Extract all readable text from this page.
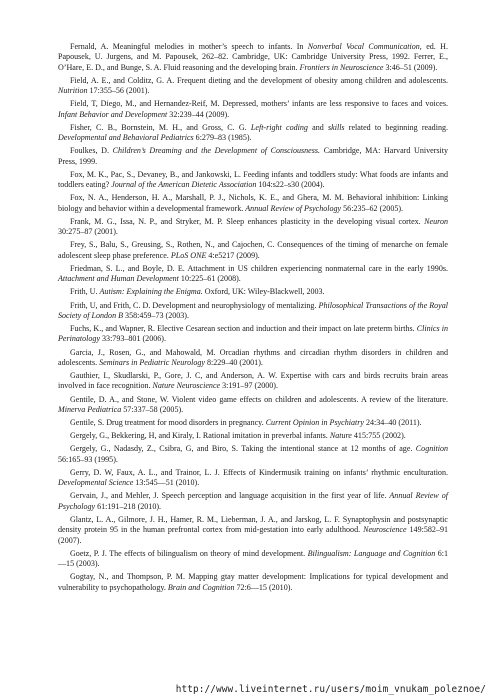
Fernald, A. Meaningful melodies in mother’s speech to infants. In Nonverbal Vocal Communication, ed. H. Papousek, U. Jurgens, and M. Papousek, 262–82. Cambridge, UK: Cambridge University Press, 1992. Ferrer, E., O’Hare, E. D., and Bunge, S. A. Fluid reasoning and the developing brain. Frontiers in Neuroscience 3:46–51 (2009).

Field, A. E., and Colditz, G. A. Frequent dieting and the development of obesity among children and adolescents. Nutrition 17:355–56 (2001).

Field, T, Diego, M., and Hernandez-Reif, M. Depressed, mothers’ infants are less responsive to faces and voices. Infant Behavior and Development 32:239–44 (2009).

Fisher, C. B., Bornstein, M. H., and Gross, C. G. Left-right coding and skills related to beginning reading. Developmental and Behavioral Pediatrics 6:279–83 (1985).

Foulkes, D. Children’s Dreaming and the Development of Consciousness. Cambridge, MA: Harvard University Press, 1999.

Fox, M. K., Pac, S., Devaney, B., and Jankowski, L. Feeding infants and toddlers study: What foods are infants and toddlers eating? Journal of the American Dietetic Association 104:s22–s30 (2004).

Fox, N. A., Henderson, H. A., Marshall, P. J., Nichols, K. E., and Ghera, M. M. Behavioral inhibition: Linking biology and behavior within a developmental framework. Annual Review of Psychology 56:235–62 (2005).

Frank, M. G., Issa, N. P., and Stryker, M. P. Sleep enhances plasticity in the developing visual cortex. Neuron 30:275–87 (2001).

Frey, S., Balu, S., Greusing, S., Rothen, N., and Cajochen, C. Consequences of the timing of menarche on female adolescent sleep phase preference. PLoS ONE 4:e5217 (2009).

Friedman, S. L., and Boyle, D. E. Attachment in US children experiencing nonmaternal care in the early 1990s. Attachment and Human Development 10:225–61 (2008).

Frith, U. Autism: Explaining the Enigma. Oxford, UK: Wiley-Blackwell, 2003.

Frith, U, and Frith, C. D. Development and neurophysiology of mentalizing. Philosophical Transactions of the Royal Society of London B 358:459–73 (2003).

Fuchs, K., and Wapner, R. Elective Cesarean section and induction and their impact on late preterm births. Clinics in Perinatology 33:793–801 (2006).

Garcia, J., Rosen, G., and Mahowald, M. Orcadian rhythms and circadian rhythm disorders in children and adolescents. Seminars in Pediatric Neurology 8:229–40 (2001).

Gauthier, I., Skudlarski, P., Gore, J. C, and Anderson, A. W. Expertise with cars and birds recruits brain areas involved in face recognition. Nature Neuroscience 3:191–97 (2000).

Gentile, D. A., and Stone, W. Violent video game effects on children and adolescents. A review of the literature. Minerva Pediatrica 57:337–58 (2005).

Gentile, S. Drug treatment for mood disorders in pregnancy. Current Opinion in Psychiatry 24:34–40 (2011).

Gergely, G., Bekkering, H, and Kiraly, I. Rational imitation in preverbal infants. Nature 415:755 (2002).

Gergely, G., Nadasdy, Z., Csibra, G, and Biro, S. Taking the intentional stance at 12 months of age. Cognition 56:165–93 (1995).

Gerry, D. W, Faux, A. L., and Trainor, L. J. Effects of Kindermusik training on infants’ rhythmic enculturation. Developmental Science 13:545—51 (2010).

Gervain, J., and Mehler, J. Speech perception and language acquisition in the first year of life. Annual Review of Psychology 61:191–218 (2010).

Glantz, L. A., Gilmore, J. H., Hamer, R. M., Lieberman, J. A., and Jarskog, L. F. Synaptophysin and postsynaptic density protein 95 in the human prefrontal cortex from mid-gestation into early adulthood. Neuroscience 149:582–91 (2007).

Goetz, P. J. The effects of bilingualism on theory of mind development. Bilingualism: Language and Cognition 6:1—15 (2003).

Gogtay, N., and Thompson, P. M. Mapping gtay matter development: Implications for typical development and vulnerability to psychopathology. Brain and Cognition 72:6—15 (2010).

http://www.liveinternet.ru/users/moim_vnukam_poleznoe/
